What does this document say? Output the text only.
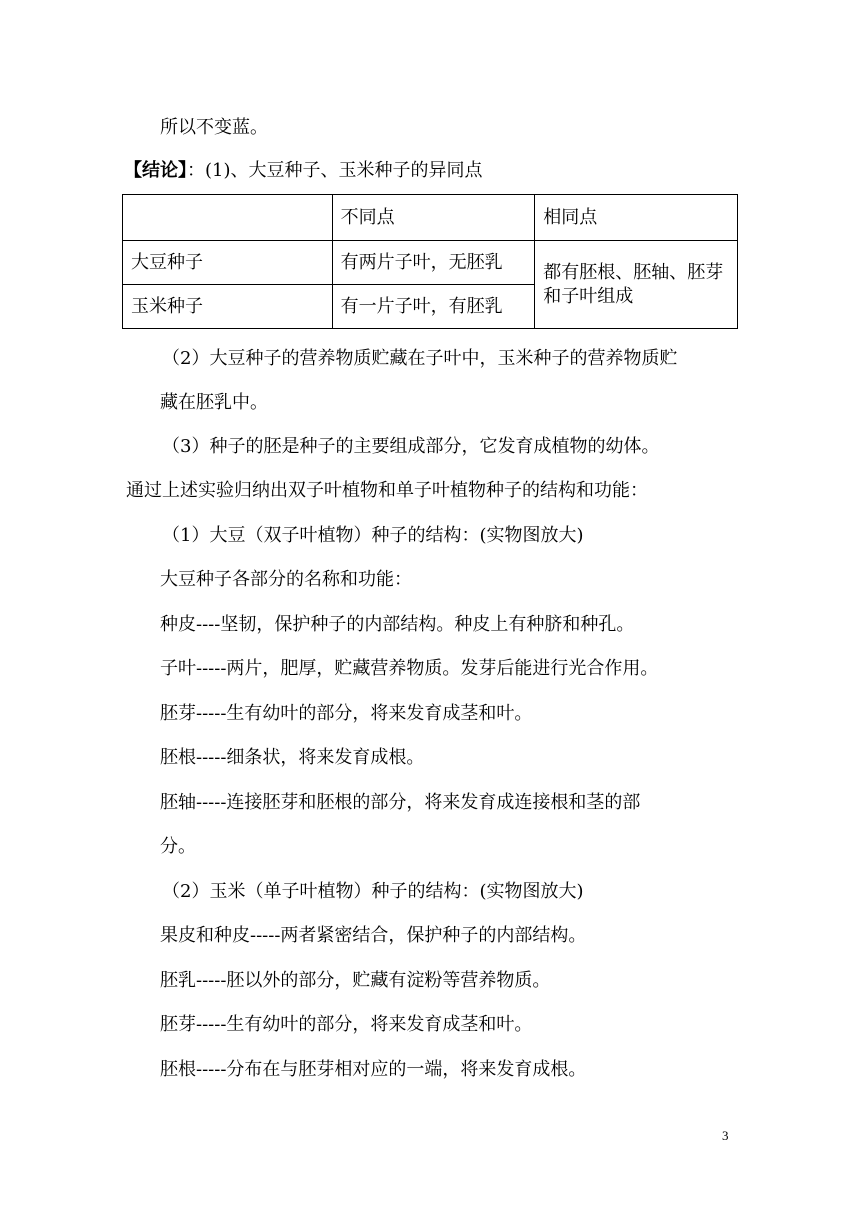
所以不变蓝。
【结论】：(1)、大豆种子、玉米种子的异同点
	不同点	相同点
大豆种子	有两片子叶，无胚乳	都有胚根、胚轴、胚芽和子叶组成
玉米种子	有一片子叶，有胚乳	
（2）大豆种子的营养物质贮藏在子叶中，玉米种子的营养物质贮
藏在胚乳中。
（3）种子的胚是种子的主要组成部分，它发育成植物的幼体。
通过上述实验归纳出双子叶植物和单子叶植物种子的结构和功能：
（1）大豆（双子叶植物）种子的结构：(实物图放大)
大豆种子各部分的名称和功能：
种皮----坚韧，保护种子的内部结构。种皮上有种脐和种孔。
子叶-----两片，肥厚，贮藏营养物质。发芽后能进行光合作用。
胚芽-----生有幼叶的部分，将来发育成茎和叶。
胚根-----细条状，将来发育成根。
胚轴-----连接胚芽和胚根的部分，将来发育成连接根和茎的部
分。
（2）玉米（单子叶植物）种子的结构：(实物图放大)
果皮和种皮-----两者紧密结合，保护种子的内部结构。
胚乳-----胚以外的部分，贮藏有淀粉等营养物质。
胚芽-----生有幼叶的部分，将来发育成茎和叶。
胚根-----分布在与胚芽相对应的一端，将来发育成根。
3
